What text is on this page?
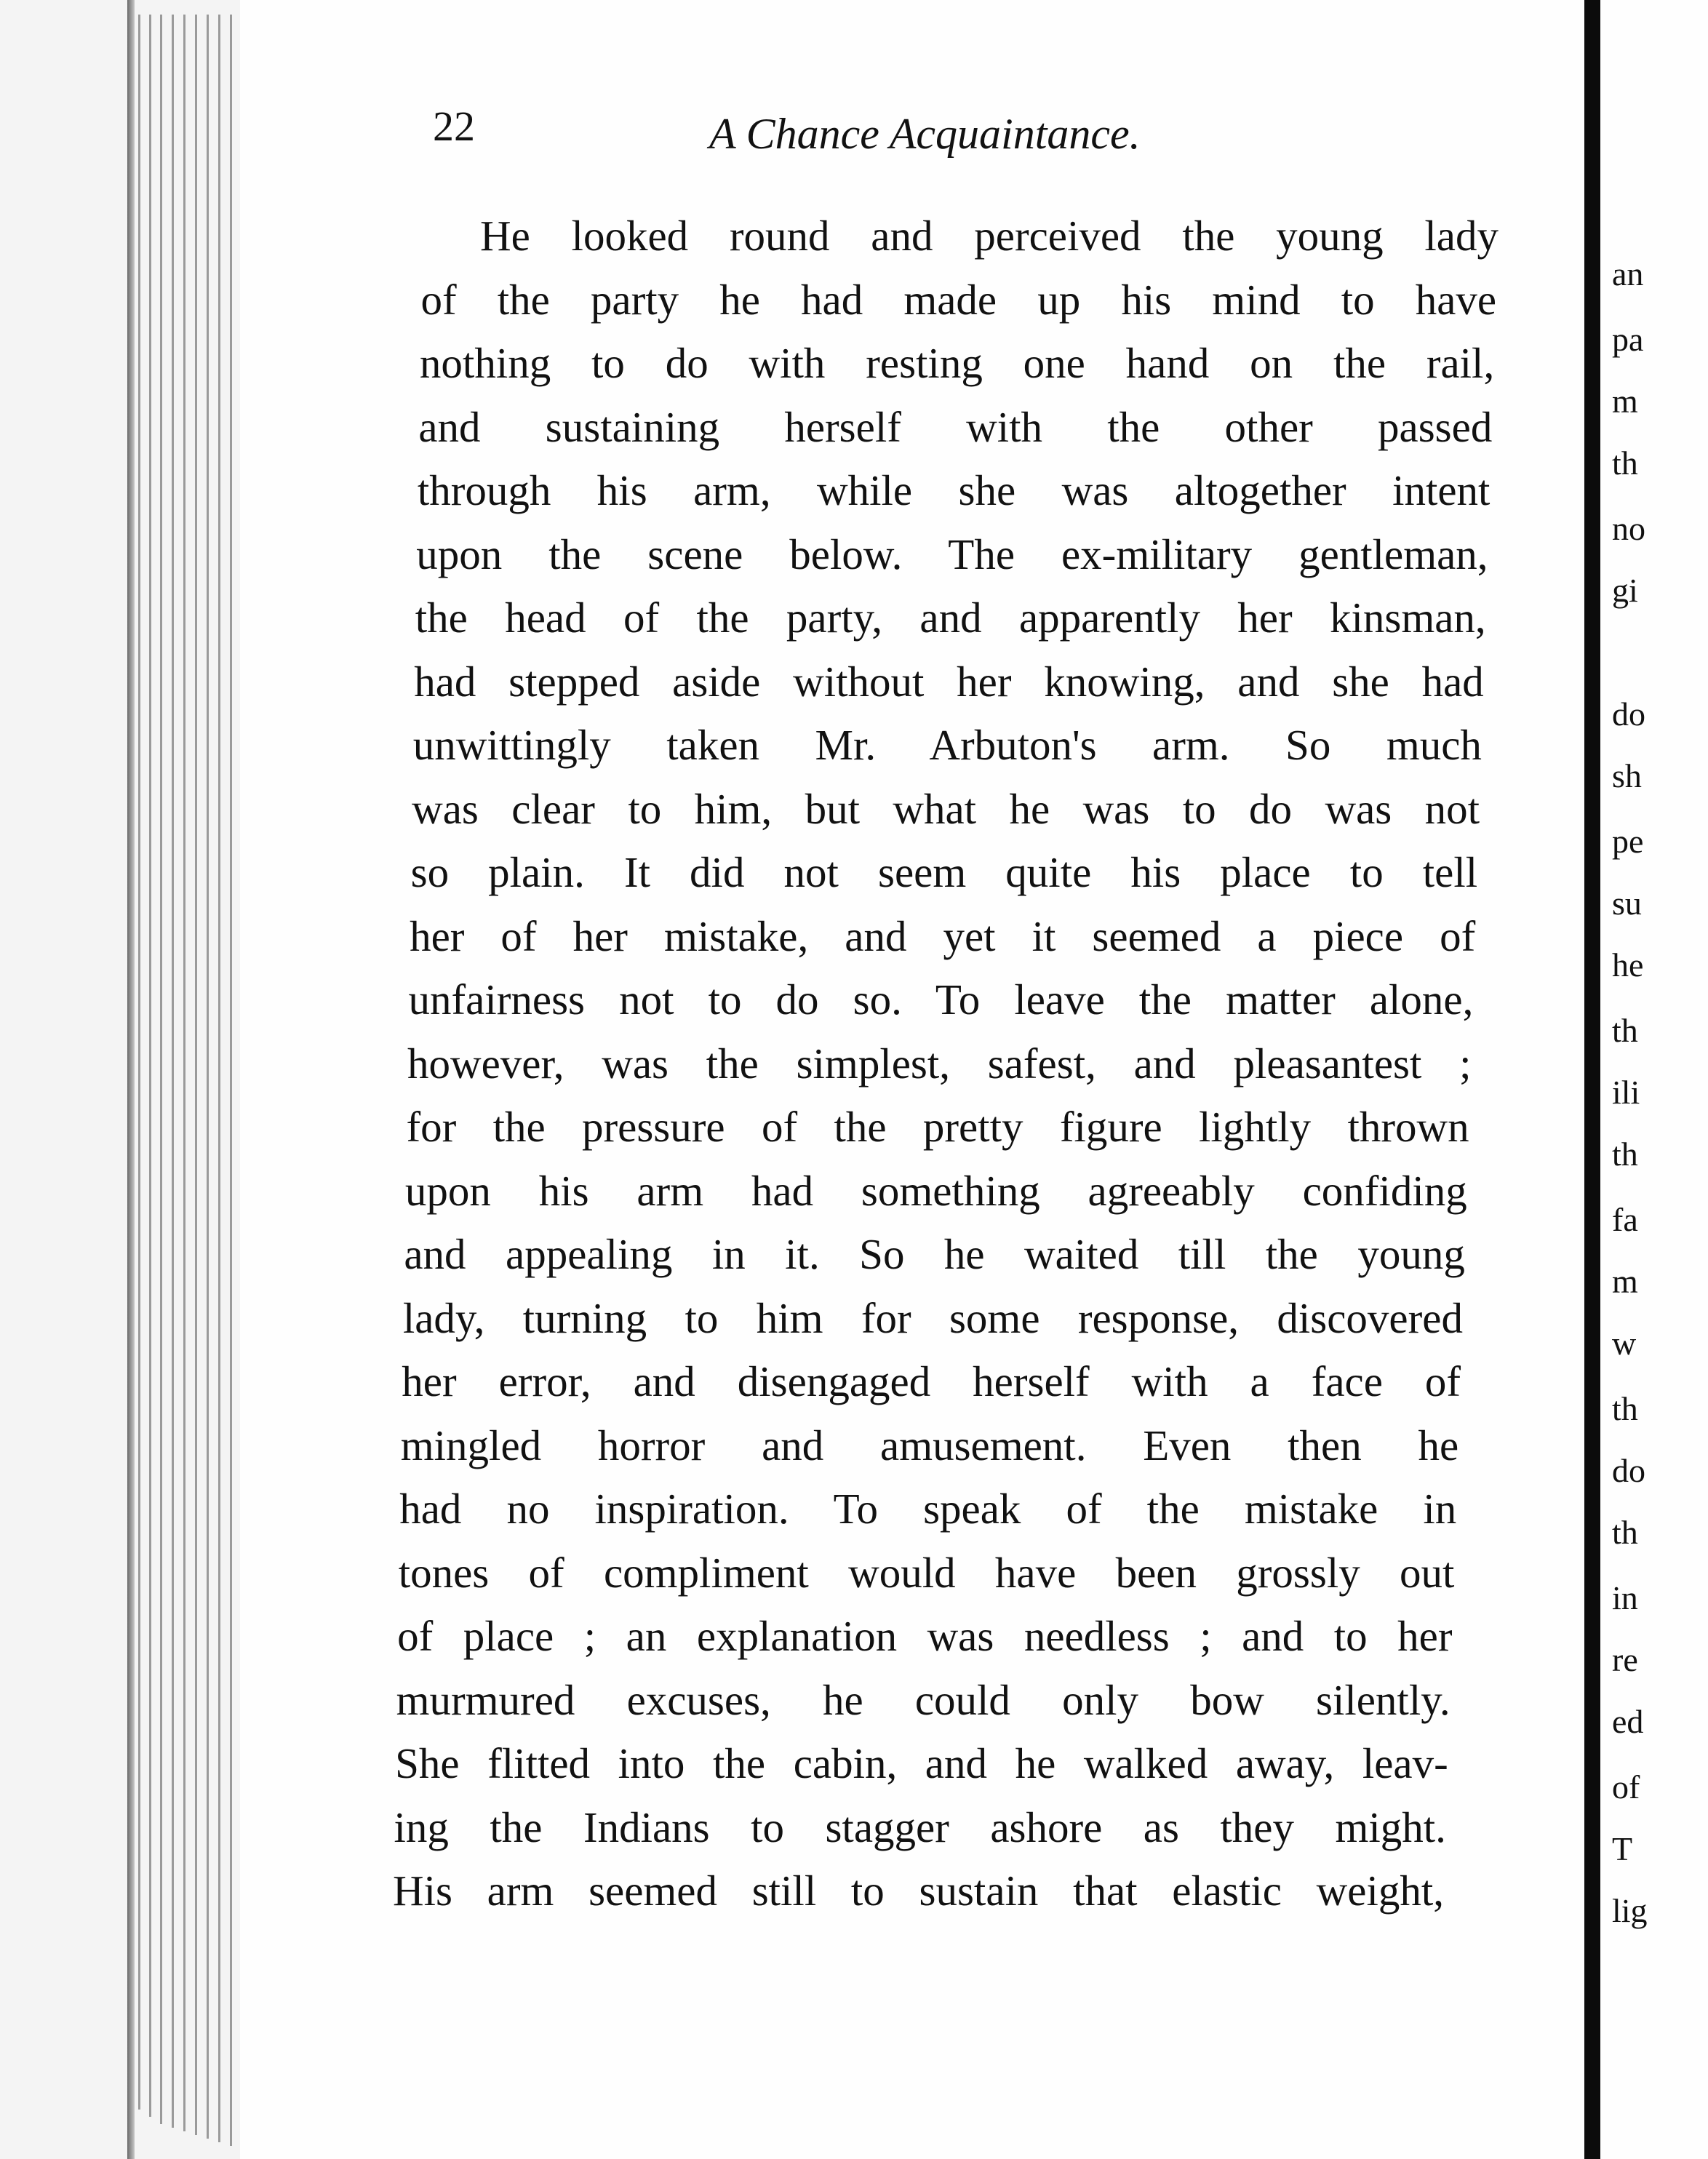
22	A Chance Acquaintance.
He looked round and perceived the young lady
of the party he had made up his mind to have
nothing to do with resting one hand on the rail,
and sustaining herself with the other passed
through his arm, while she was altogether intent
upon the scene below. The ex-military gentleman,
the head of the party, and apparently her kinsman,
had stepped aside without her knowing, and she had
unwittingly taken Mr. Arbuton's arm. So much
was clear to him, but what he was to do was not
so plain. It did not seem quite his place to tell
her of her mistake, and yet it seemed a piece of
unfairness not to do so. To leave the matter alone,
however, was the simplest, safest, and pleasantest ;
for the pressure of the pretty figure lightly thrown
upon his arm had something agreeably confiding
and appealing in it. So he waited till the young
lady, turning to him for some response, discovered
her error, and disengaged herself with a face of
mingled horror and amusement. Even then he
had no inspiration. To speak of the mistake in
tones of compliment would have been grossly out
of place ; an explanation was needless ; and to her
murmured excuses, he could only bow silently.
She flitted into the cabin, and he walked away, leav-
ing the Indians to stagger ashore as they might.
His arm seemed still to sustain that elastic weight,
an
pa
m
th
no
gi
do
sh
pe
su
he
th
ili
th
fa
m
w
th
do
th
in
re
ed
of
T
lig
